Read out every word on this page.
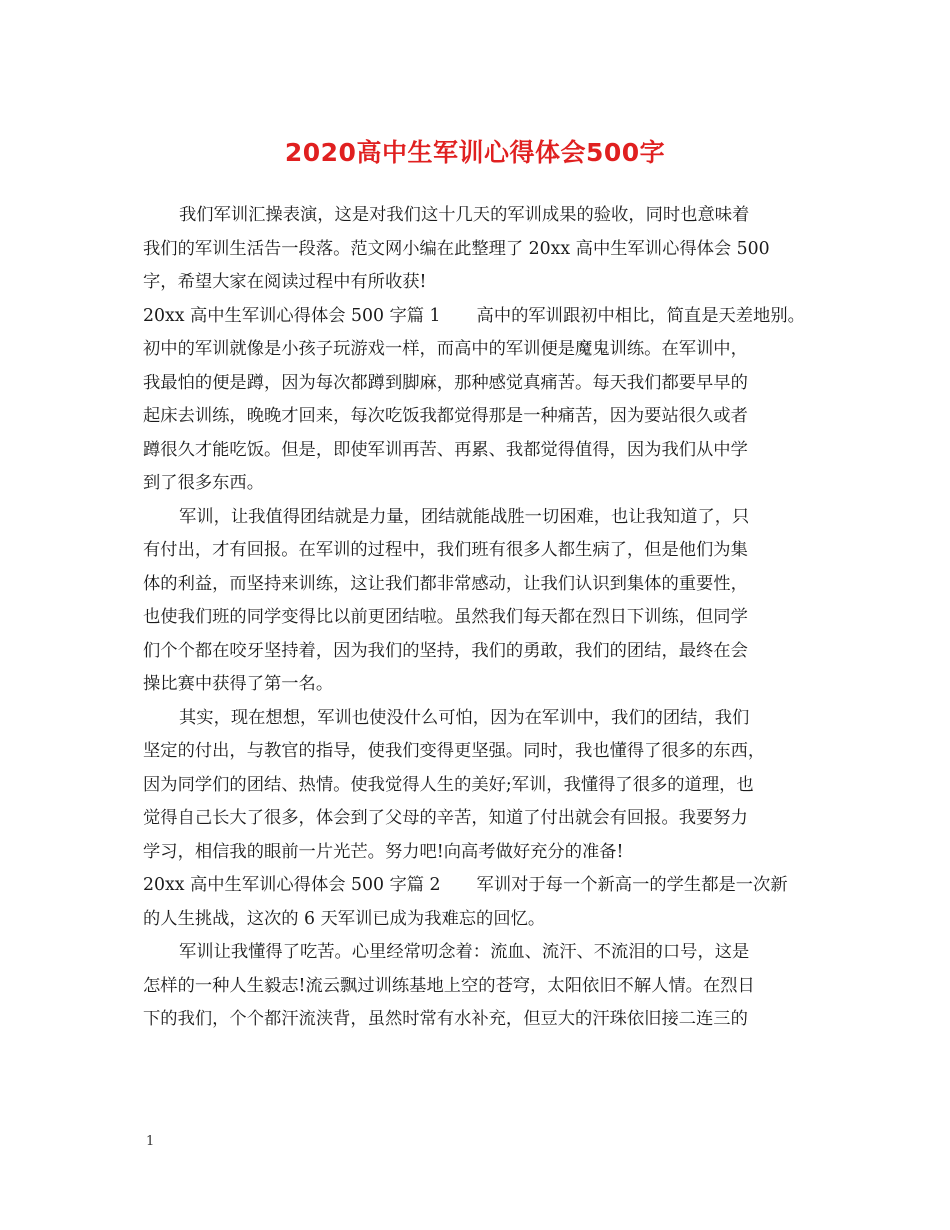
2020高中生军训心得体会500字
我们军训汇操表演，这是对我们这十几天的军训成果的验收，同时也意味着
我们的军训生活告一段落。范文网小编在此整理了 20xx 高中生军训心得体会 500
字，希望大家在阅读过程中有所收获!
20xx 高中生军训心得体会 500 字篇 1 高中的军训跟初中相比，简直是天差地别。
初中的军训就像是小孩子玩游戏一样，而高中的军训便是魔鬼训练。在军训中，
我最怕的便是蹲，因为每次都蹲到脚麻，那种感觉真痛苦。每天我们都要早早的
起床去训练，晚晚才回来，每次吃饭我都觉得那是一种痛苦，因为要站很久或者
蹲很久才能吃饭。但是，即使军训再苦、再累、我都觉得值得，因为我们从中学
到了很多东西。
军训，让我值得团结就是力量，团结就能战胜一切困难，也让我知道了，只
有付出，才有回报。在军训的过程中，我们班有很多人都生病了，但是他们为集
体的利益，而坚持来训练，这让我们都非常感动，让我们认识到集体的重要性，
也使我们班的同学变得比以前更团结啦。虽然我们每天都在烈日下训练，但同学
们个个都在咬牙坚持着，因为我们的坚持，我们的勇敢，我们的团结，最终在会
操比赛中获得了第一名。
其实，现在想想，军训也使没什么可怕，因为在军训中，我们的团结，我们
坚定的付出，与教官的指导，使我们变得更坚强。同时，我也懂得了很多的东西，
因为同学们的团结、热情。使我觉得人生的美好;军训，我懂得了很多的道理，也
觉得自己长大了很多，体会到了父母的辛苦，知道了付出就会有回报。我要努力
学习，相信我的眼前一片光芒。努力吧!向高考做好充分的准备!
20xx 高中生军训心得体会 500 字篇 2 军训对于每一个新高一的学生都是一次新
的人生挑战，这次的 6 天军训已成为我难忘的回忆。
军训让我懂得了吃苦。心里经常叨念着：流血、流汗、不流泪的口号，这是
怎样的一种人生毅志!流云飘过训练基地上空的苍穹，太阳依旧不解人情。在烈日
下的我们，个个都汗流浃背，虽然时常有水补充，但豆大的汗珠依旧接二连三的
1
